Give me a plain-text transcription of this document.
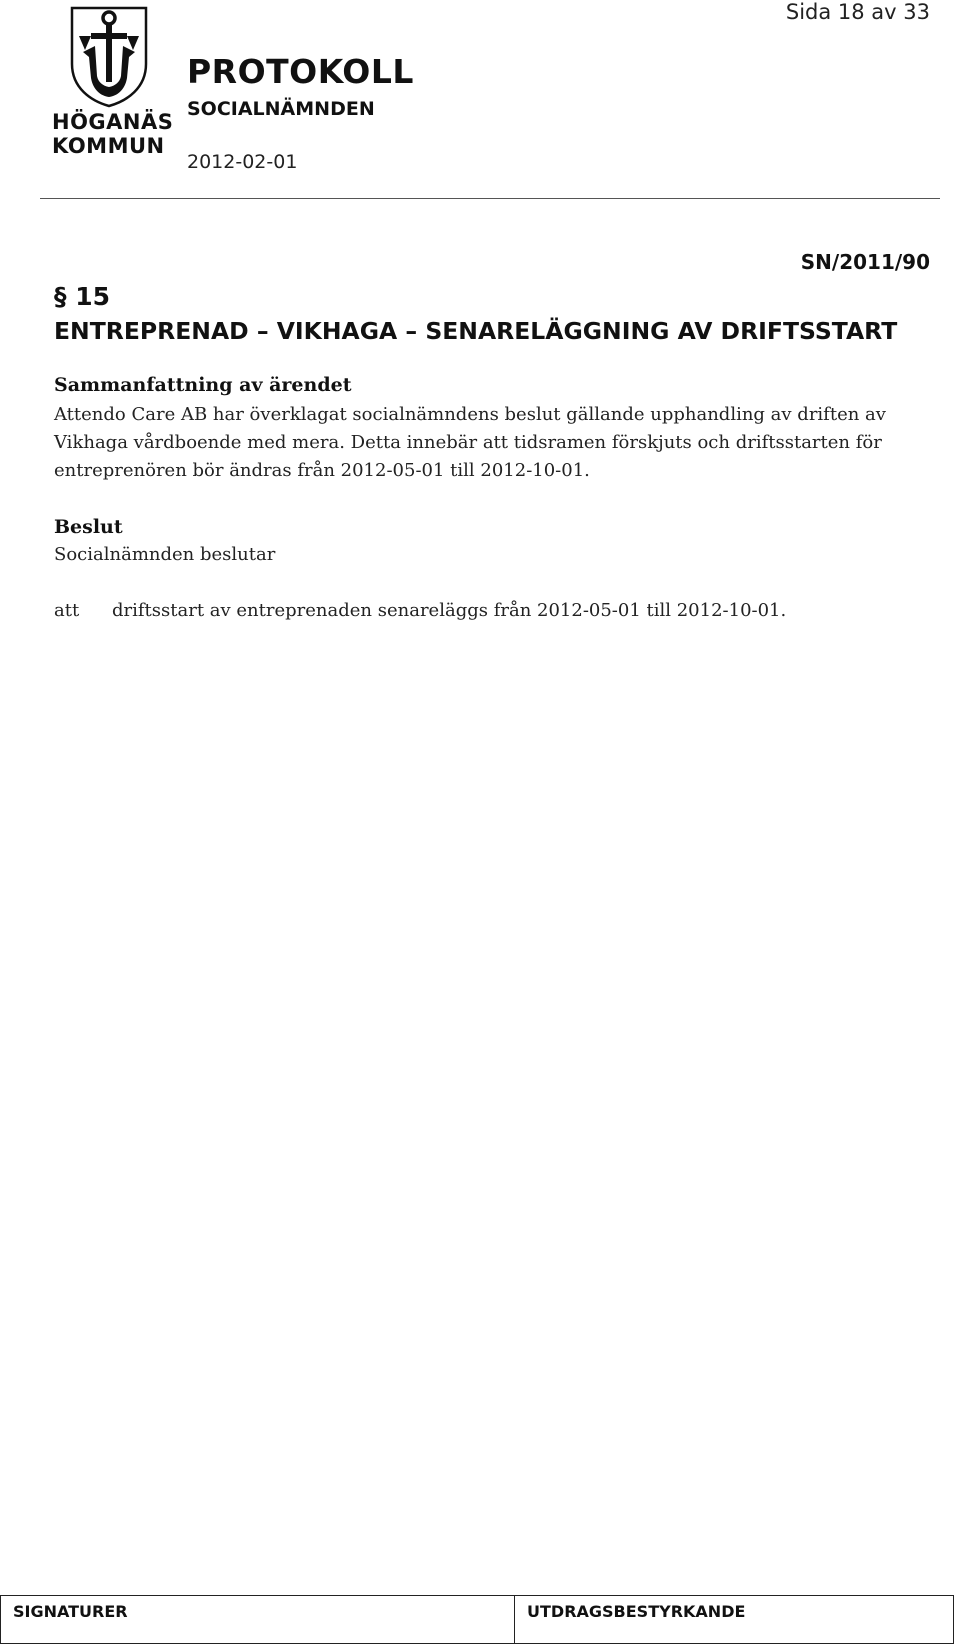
Sida 18 av 33
HÖGANÄS
KOMMUN
PROTOKOLL
SOCIALNÄMNDEN
2012-02-01
SN/2011/90
§ 15
ENTREPRENAD – VIKHAGA – SENARELÄGGNING AV DRIFTSSTART
Sammanfattning av ärendet
Attendo Care AB har överklagat socialnämndens beslut gällande upphandling av driften av Vikhaga vårdboende med mera. Detta innebär att tidsramen förskjuts och driftsstarten för entreprenören bör ändras från 2012-05-01 till 2012-10-01.
Beslut
Socialnämnden beslutar
att driftsstart av entreprenaden senareläggs från 2012-05-01 till 2012-10-01.
SIGNATURER	UTDRAGSBESTYRKANDE
